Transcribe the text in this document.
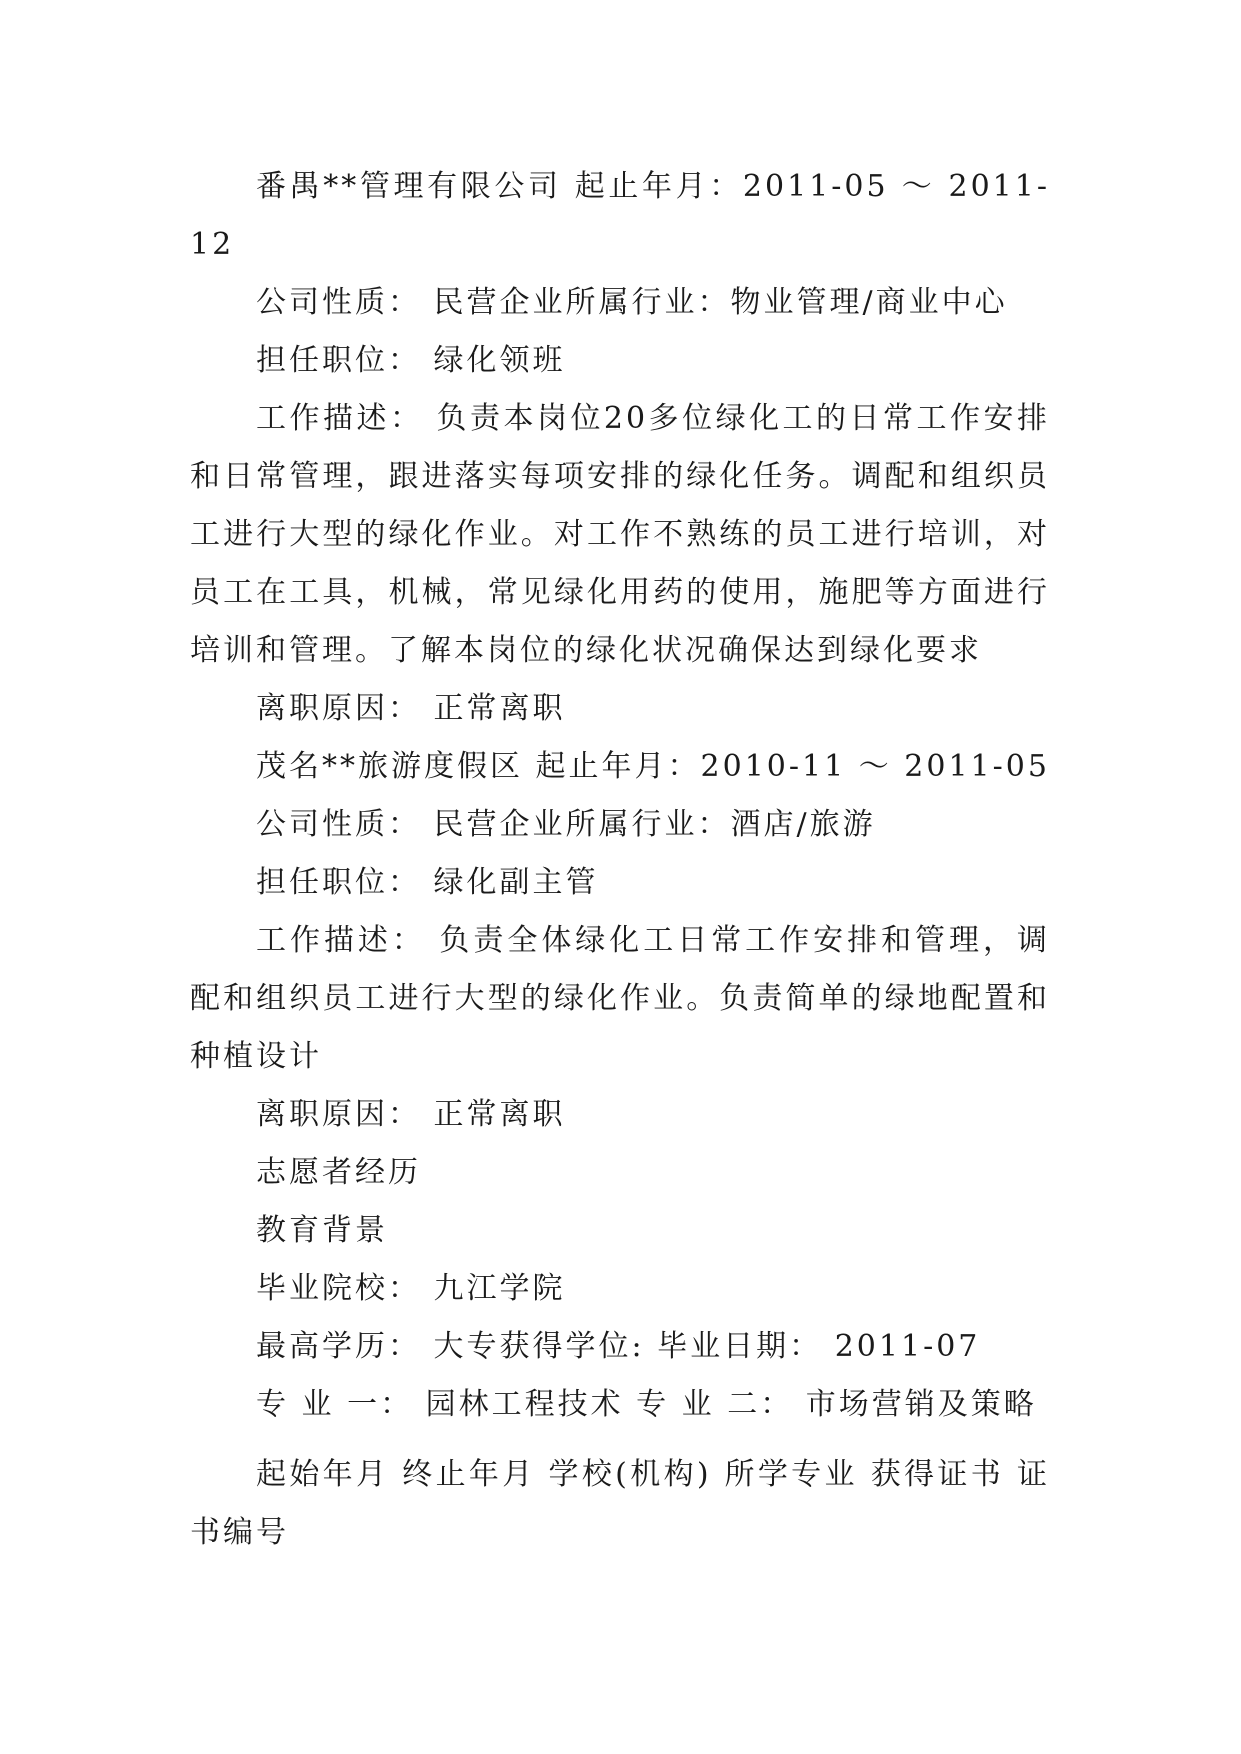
番禺**管理有限公司 起止年月：2011-05 ～ 2011-12

公司性质： 民营企业所属行业：物业管理/商业中心

担任职位： 绿化领班

工作描述： 负责本岗位20多位绿化工的日常工作安排和日常管理，跟进落实每项安排的绿化任务。调配和组织员工进行大型的绿化作业。对工作不熟练的员工进行培训，对员工在工具，机械，常见绿化用药的使用，施肥等方面进行培训和管理。了解本岗位的绿化状况确保达到绿化要求

离职原因： 正常离职

茂名**旅游度假区 起止年月：2010-11 ～ 2011-05

公司性质： 民营企业所属行业：酒店/旅游

担任职位： 绿化副主管

工作描述： 负责全体绿化工日常工作安排和管理，调配和组织员工进行大型的绿化作业。负责简单的绿地配置和种植设计

离职原因： 正常离职

志愿者经历

教育背景

毕业院校： 九江学院

最高学历： 大专获得学位: 毕业日期： 2011-07

专 业 一： 园林工程技术 专 业 二： 市场营销及策略

起始年月 终止年月 学校(机构) 所学专业 获得证书 证书编号
